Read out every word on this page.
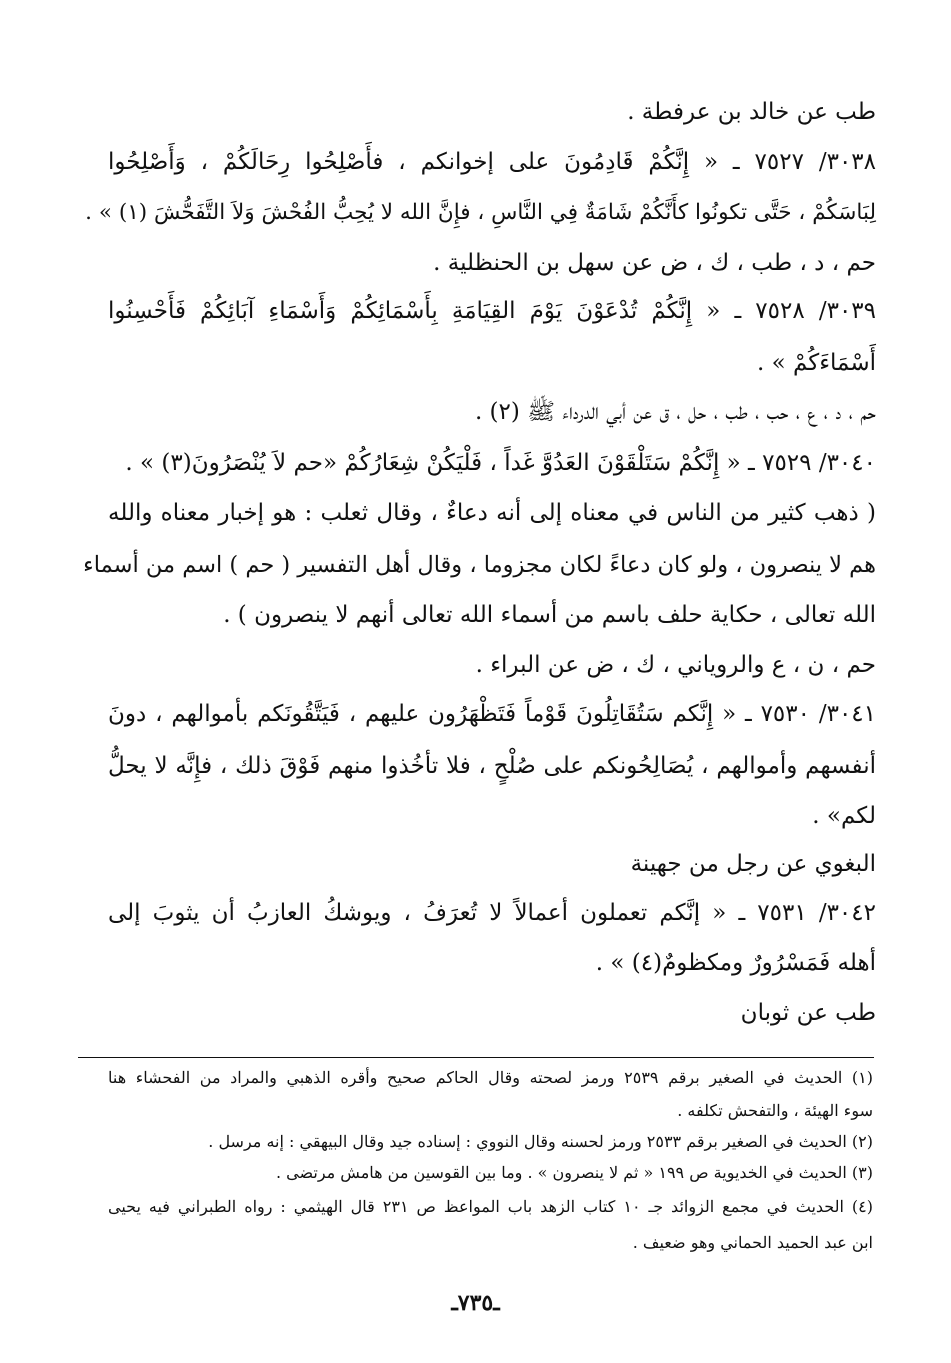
طب عن خالد بن عرفطة .
٣٠٣٨/ ٧٥٢٧ ـ « إِنَّكُمْ قَادِمُونَ على إخوانكم ، فأَصْلِحُوا رِحَالَكُمْ ، وَأَصْلِحُوا
لِبَاسَكُمْ ، حَتَّى تكونُوا كأَنَّكُمْ شَامَةٌ فِي النَّاسِ ، فإِنَّ الله لا يُحِبُّ الفُحْشَ وَلاَ التَّفَحُّشَ (١) » .
حم ، د ، طب ، ك ، ض عن سهل بن الحنظلية .
٣٠٣٩/ ٧٥٢٨ ـ « إِنَّكُمْ تُدْعَوْنَ يَوْمَ القِيَامَةِ بِأَسْمَائِكُمْ وَأَسْمَاءِ آبَائِكُمْ فَأَحْسِنُوا
أَسْمَاءَكُمْ » .
حم ، د ، ع ، حب ، طب ، حل ، ق عن أبي الدرداء ﷺ (٢) .
٣٠٤٠/ ٧٥٢٩ ـ « إِنَّكُمْ سَتَلْقَوْنَ العَدُوَّ غَداً ، فَلْيَكُنْ شِعَارُكُمْ «حم لاَ يُنْصَرُونَ(٣) » .
( ذهب كثير من الناس في معناه إلى أنه دعاءٌ ، وقال ثعلب : هو إخبار معناه والله
هم لا ينصرون ، ولو كان دعاءً لكان مجزوما ، وقال أهل التفسير ( حم ) اسم من أسماء
الله تعالى ، حكاية حلف باسم من أسماء الله تعالى أنهم لا ينصرون ) .
حم ، ن ، ع والروياني ، ك ، ض عن البراء .
٣٠٤١/ ٧٥٣٠ ـ « إِنَّكم سَتُقَاتِلُونَ قَوْماً فَتَظْهَرُون عليهم ، فَيَتَّقُونَكم بأموالهم ، دونَ
أنفسهم وأموالهم ، يُصَالِحُونكم على صُلْحٍ ، فلا تأخُذوا منهم فَوْقَ ذلك ، فإِنَّه لا يحلُّ
لكم» .
البغوي عن رجل من جهينة
٣٠٤٢/ ٧٥٣١ ـ « إنَّكم تعملون أعمالاً لا تُعرَفُ ، ويوشكُ العازبُ أن يثوبَ إلى
أهله فَمَسْرُورٌ ومكظومٌ(٤) » .
طب عن ثوبان
(١) الحديث في الصغير برقم ٢٥٣٩ ورمز لصحته وقال الحاكم صحيح وأقره الذهبي والمراد من الفحشاء هنا
سوء الهيئة ، والتفحش تكلفه .
(٢) الحديث في الصغير برقم ٢٥٣٣ ورمز لحسنه وقال النووي : إسناده جيد وقال البيهقي : إنه مرسل .
(٣) الحديث في الخديوية ص ١٩٩ « ثم لا ينصرون » . وما بين القوسين من هامش مرتضى .
(٤) الحديث في مجمع الزوائد جـ ١٠ كتاب الزهد باب المواعظ ص ٢٣١ قال الهيثمي : رواه الطبراني فيه يحيى
ابن عبد الحميد الحماني وهو ضعيف .
ـ٧٣٥ـ
